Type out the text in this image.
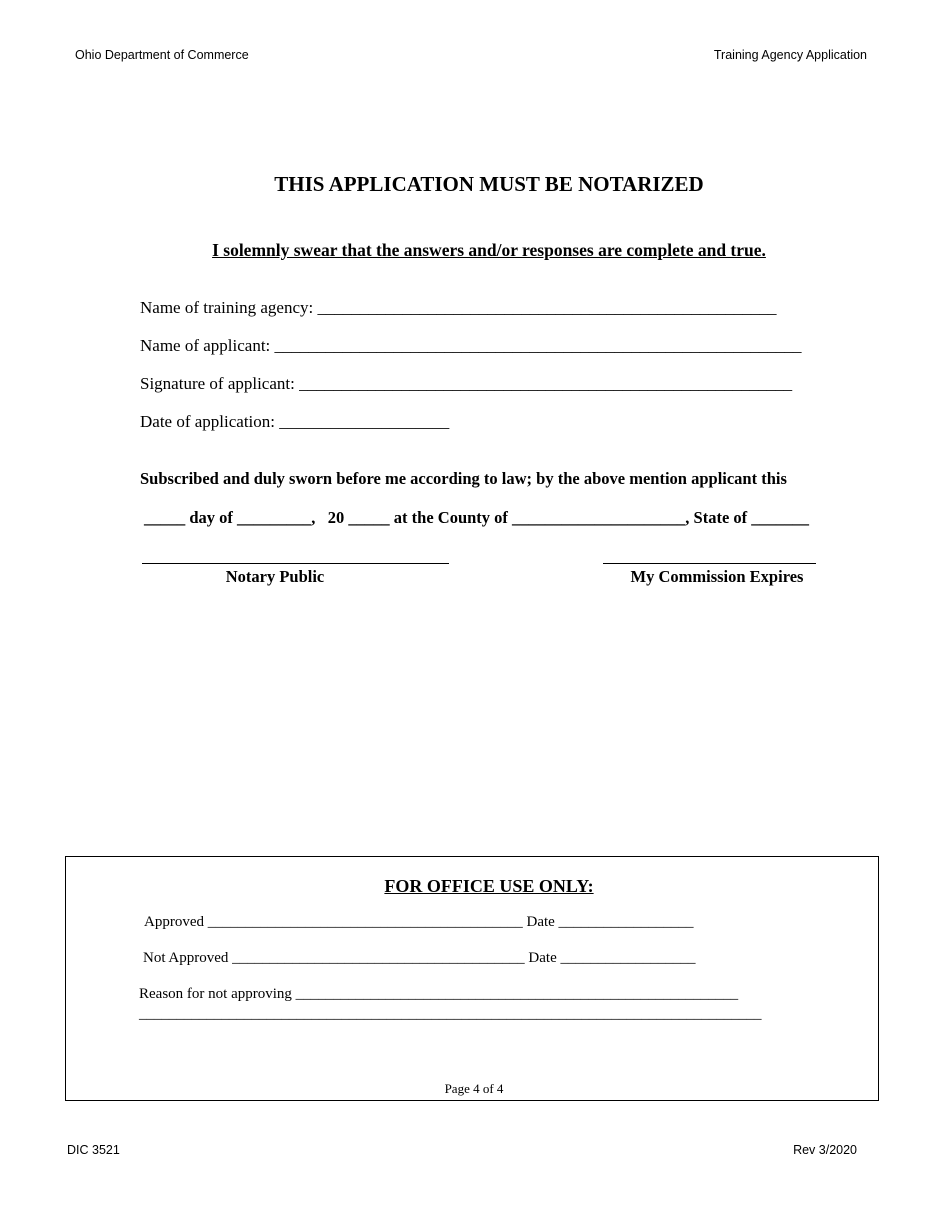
Ohio Department of Commerce	Training Agency Application
THIS APPLICATION MUST BE NOTARIZED
I solemnly swear that the answers and/or responses are complete and true.
Name of training agency: ______________________________________________________
Name of applicant: ______________________________________________________________
Signature of applicant: __________________________________________________________
Date of application: ____________________
Subscribed and duly sworn before me according to law; by the above mention applicant this
_____ day of _________,   20 _____ at the County of _____________________, State of _______
Notary Public	My Commission Expires
FOR OFFICE USE ONLY:
Approved __________________________________________ Date __________________
Not Approved _______________________________________ Date __________________
Reason for not approving ___________________________________________________________
___________________________________________________________________________________
Page 4 of 4
DIC 3521	Rev 3/2020
